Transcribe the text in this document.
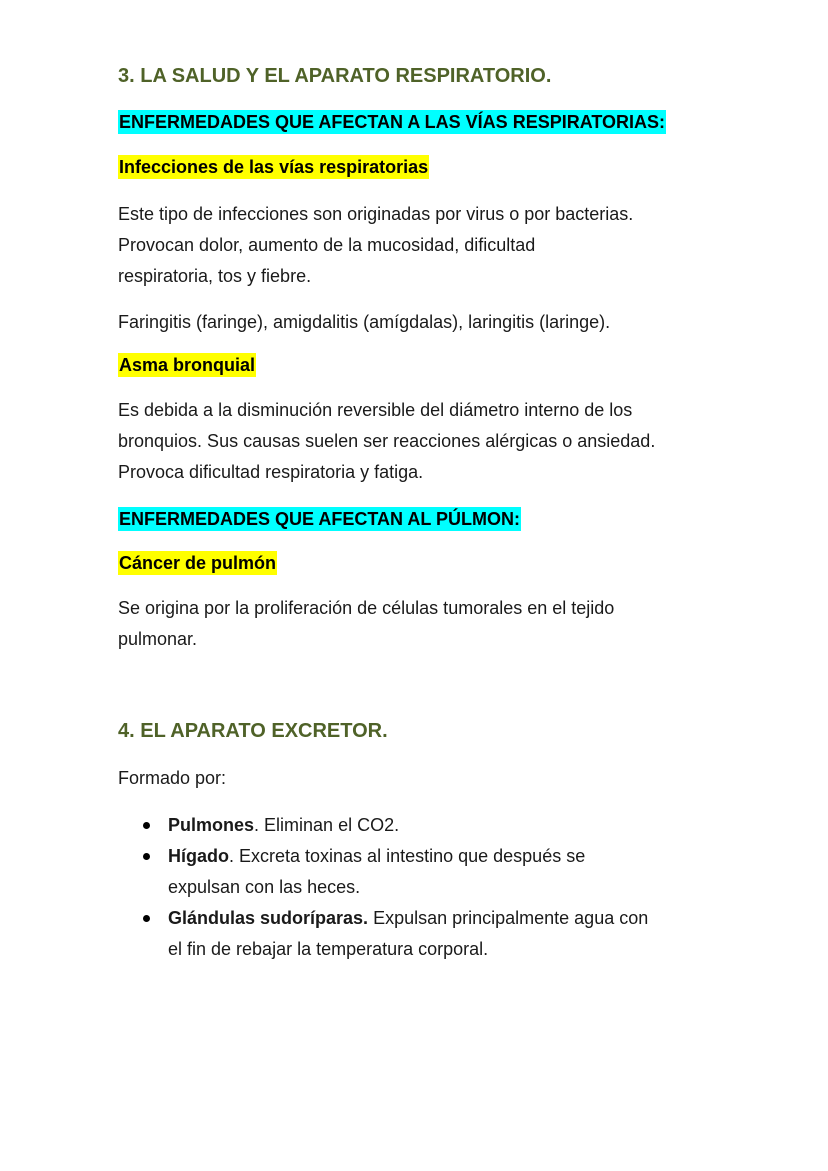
3. LA SALUD Y EL APARATO RESPIRATORIO.
ENFERMEDADES QUE AFECTAN A LAS VÍAS RESPIRATORIAS:
Infecciones de las vías respiratorias
Este tipo de infecciones son originadas por virus o por bacterias.
Provocan dolor, aumento de la mucosidad, dificultad
respiratoria, tos y fiebre.
Faringitis (faringe), amigdalitis (amígdalas), laringitis (laringe).
Asma bronquial
Es debida a la disminución reversible del diámetro interno de los
bronquios. Sus causas suelen ser reacciones alérgicas o ansiedad.
Provoca dificultad respiratoria y fatiga.
ENFERMEDADES QUE AFECTAN AL PÚLMON:
Cáncer de pulmón
Se origina por la proliferación de células tumorales en el tejido
pulmonar.
4. EL APARATO EXCRETOR.
Formado por:
Pulmones. Eliminan el CO2.
Hígado. Excreta toxinas al intestino que después se
expulsan con las heces.
Glándulas sudoríparas. Expulsan principalmente agua con
el fin de rebajar la temperatura corporal.
